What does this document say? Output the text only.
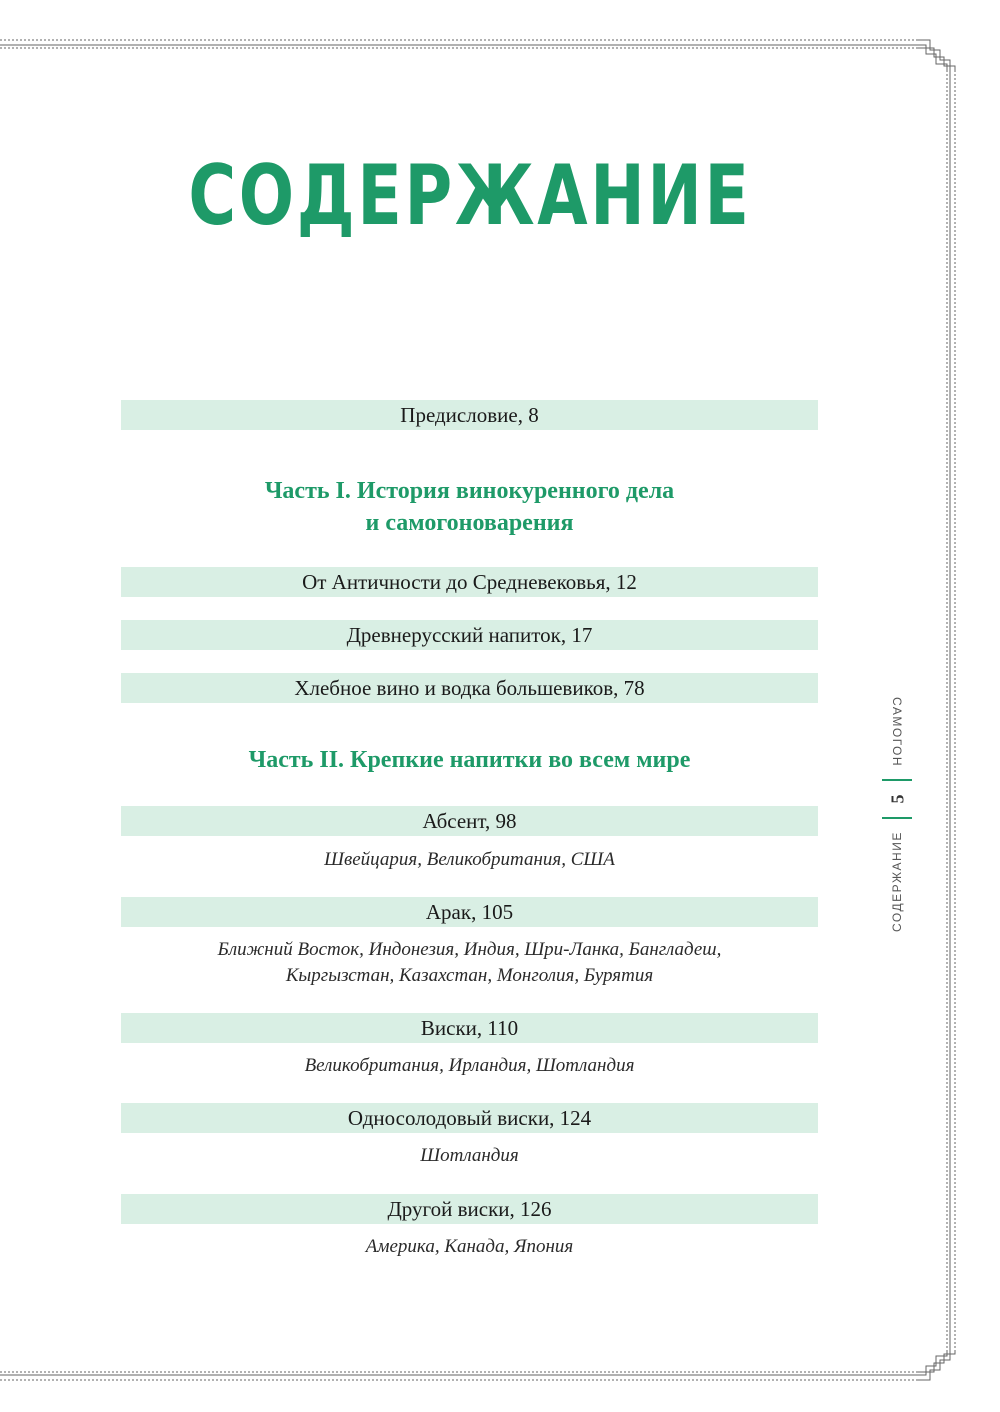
СОДЕРЖАНИЕ
Предисловие, 8
Часть I. История винокуренного дела
и самогоноварения
От Античности до Средневековья, 12
Древнерусский напиток, 17
Хлебное вино и водка большевиков, 78
Часть II. Крепкие напитки во всем мире
Абсент, 98
Швейцария, Великобритания, США
Арак, 105
Ближний Восток, Индонезия, Индия, Шри-Ланка, Бангладеш,
Кыргызстан, Казахстан, Монголия, Бурятия
Виски, 110
Великобритания, Ирландия, Шотландия
Односолодовый виски, 124
Шотландия
Другой виски, 126
Америка, Канада, Япония
САМОГОН
5
СОДЕРЖАНИЕ
